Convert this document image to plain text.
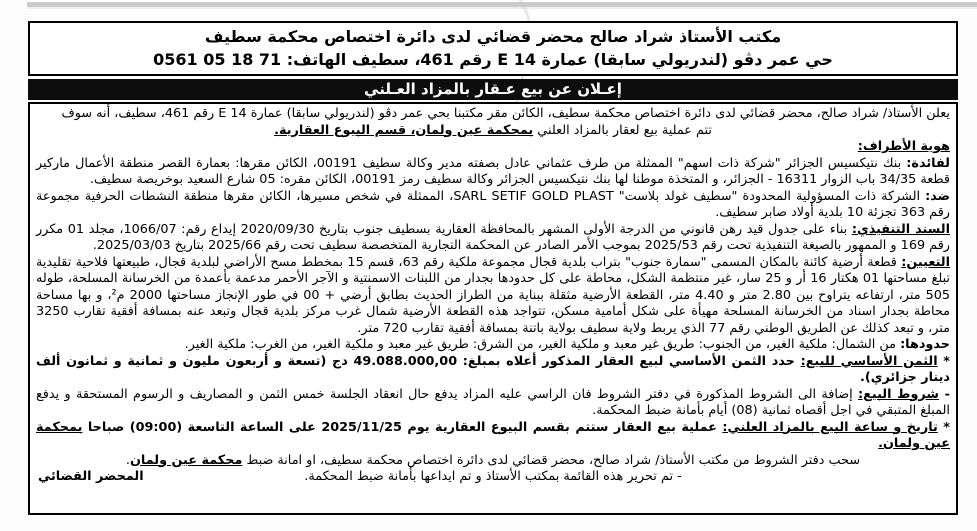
مكتب الأستاذ شراد صالح محضر قضائي لدى دائرة اختصاص محكمة سطيف
حي عمر دڤو (لندريولي سابقا) عمارة E 14 رقم 461، سطيف الهاتف: 0561 05 18 71
إعـلان عن بيع عـقار بالمزاد العـلني
يعلن الأستاذ/ شراد صالح، محضر قضائي لدى دائرة اختصاص محكمة سطيف، الكائن مقر مكتبنا بحي عمر دڤو (لندريولي سابقا) عمارة E 14 رقم 461، سطيف، أنه سوف
تتم عملية بيع لعقار بالمزاد العلني بمحكمة عين ولمان، قسم البيوع العقارية.
هوية الأطراف:
لفائدة: بنك نتيكسيس الجزائر "شركة ذات اسهم" الممثلة من طرف عثماني عادل بصفته مدير وكالة سطيف 00191، الكائن مقرها: بعمارة القصر منطقة الأعمال ماركير قطعة 34/35 باب الزوار 16311 - الجزائر، و المتخذة موطنا لها بنك نتيكسيس الجزائر وكالة سطيف رمز 00191، الكائن مقره: 05 شارع السعيد بوخريصة سطيف.
ضد: الشركة ذات المسؤولية المحدودة "سطيف غولد بلاست" SARL SETIF GOLD PLAST، الممثلة في شخص مسيرها، الكائن مقرها منطقة النشطات الحرفية مجموعة رقم 363 تجزئة 10 بلدية أولاد صابر سطيف.
السند التنفيذي: بناء على جدول قيد رهن قانوني من الدرجة الأولى المشهر بالمحافظة العقارية بسطيف جنوب بتاريخ 2020/09/30 إيداع رقم: 1066/07، مجلد 01 مكرر رقم 169 و الممهور بالصيغة التنفيذية تحت رقم 2025/53 بموجب الأمر الصادر عن المحكمة التجارية المتخصصة سطيف تحت رقم 2025/66 بتاريخ 2025/03/03.
التعيين: قطعة أرضية كائنة بالمكان المسمى "سمارة جنوب" بتراب بلدية قجال مجموعة ملكية رقم 63، قسم 15 بمخطط مسح الأراضي لبلدية قجال، طبيعتها فلاحية تقليدية تبلغ مساحتها 01 هكتار 16 أر و 25 سار، غير منتظمة الشكل، محاطة على كل حدودها بجدار من اللبنات الاسمنتية و الآجر الأحمر مدعمة بأعمدة من الخرسانة المسلحة، طوله 505 متر، ارتفاعه يتراوح بين 2.80 متر و 4.40 متر، القطعة الأرضية مثقلة ببناية من الطراز الحديث بطابق أرضي + 00 في طور الإنجاز مساحتها 2000 م²، و بها مساحة محاطة بجدار اسناد من الخرسانة المسلحة مهيأة على شكل أمامية مسكن، تتواجد هذه القطعة الأرضية شمال غرب مركز بلدية قجال وتبعد عنه بمسافة أفقية تقارب 3250 متر، و تبعد كذلك عن الطريق الوطني رقم 77 الذي يربط ولاية سطيف بولاية باتنة بمسافة أفقية تقارب 720 متر.
حدودها: من الشمال: ملكية الغير، من الجنوب: طريق غير معبد و ملكية الغير، من الشرق: طريق غير معبد و ملكية الغير، من الغرب: ملكية الغير.
* الثمن الأساسي للبيع: حدد الثمن الأساسي لبيع العقار المذكور أعلاه بمبلغ: 49.088.000,00 دج (تسعة و أربعون مليون و ثمانية و ثمانون ألف دينار جزائري).
- شروط البيع: إضافة الى الشروط المذكورة في دفتر الشروط فان الراسي عليه المزاد يدفع حال انعقاد الجلسة خمس الثمن و المصاريف و الرسوم المستحقة و يدفع المبلغ المتبقي في اجل أقصاه ثمانية (08) أيام بأمانة ضبط المحكمة.
* تاريخ و ساعة البيع بالمزاد العلني: عملية بيع العقار ستتم بقسم البيوع العقارية يوم 2025/11/25 على الساعة التاسعة (09:00) صباحا بمحكمة عين ولمان.
سحب دفتر الشروط من مكتب الأستاذ/ شراد صالح، محضر قضائي لدى دائرة اختصاص محكمة سطيف، او امانة ضبط محكمة عين ولمان.
المحضر القضائي	- تم تحرير هذه القائمة بمكتب الأستاذ و تم ايداعها بأمانة ضبط المحكمة.
